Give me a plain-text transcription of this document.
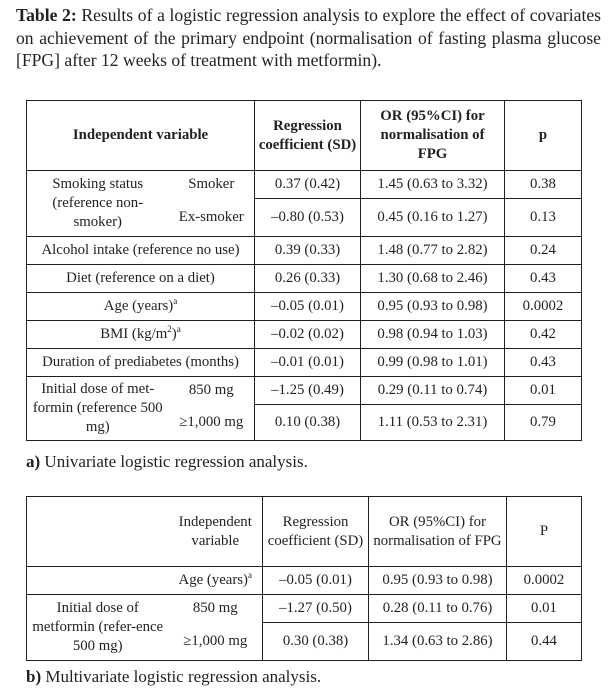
Table 2: Results of a logistic regression analysis to explore the effect of covariates on achievement of the primary endpoint (normalisation of fasting plasma glucose [FPG] after 12 weeks of treatment with metformin).

Independent variable		Regression coefficient (SD)	OR (95%CI) for normalisation of FPG	p
Smoking status (reference non-smoker)	Smoker	0.37 (0.42)	1.45 (0.63 to 3.32)	0.38
	Ex-smoker	–0.80 (0.53)	0.45 (0.16 to 1.27)	0.13
Alcohol intake (reference no use)		0.39 (0.33)	1.48 (0.77 to 2.82)	0.24
Diet (reference on a diet)		0.26 (0.33)	1.30 (0.68 to 2.46)	0.43
Age (years)$^a$		–0.05 (0.01)	0.95 (0.93 to 0.98)	0.0002
BMI $(kg/m^2)^a$		–0.02 (0.02)	0.98 (0.94 to 1.03)	0.42
Duration of prediabetes (months)		–0.01 (0.01)	0.99 (0.98 to 1.01)	0.43
Initial dose of met-formin (reference 500 mg)	850 mg	–1.25 (0.49)	0.29 (0.11 to 0.74)	0.01
	≥1,000 mg	0.10 (0.38)	1.11 (0.53 to 2.31)	0.79

a) Univariate logistic regression analysis.

	Independent variable	Regression coefficient (SD)	OR (95%CI) for normalisation of FPG	P
	Age (years)$^a$	–0.05 (0.01)	0.95 (0.93 to 0.98)	0.0002
Initial dose of metformin (refer-ence 500 mg)	850 mg	–1.27 (0.50)	0.28 (0.11 to 0.76)	0.01
	≥1,000 mg	0.30 (0.38)	1.34 (0.63 to 2.86)	0.44

b) Multivariate logistic regression analysis.
